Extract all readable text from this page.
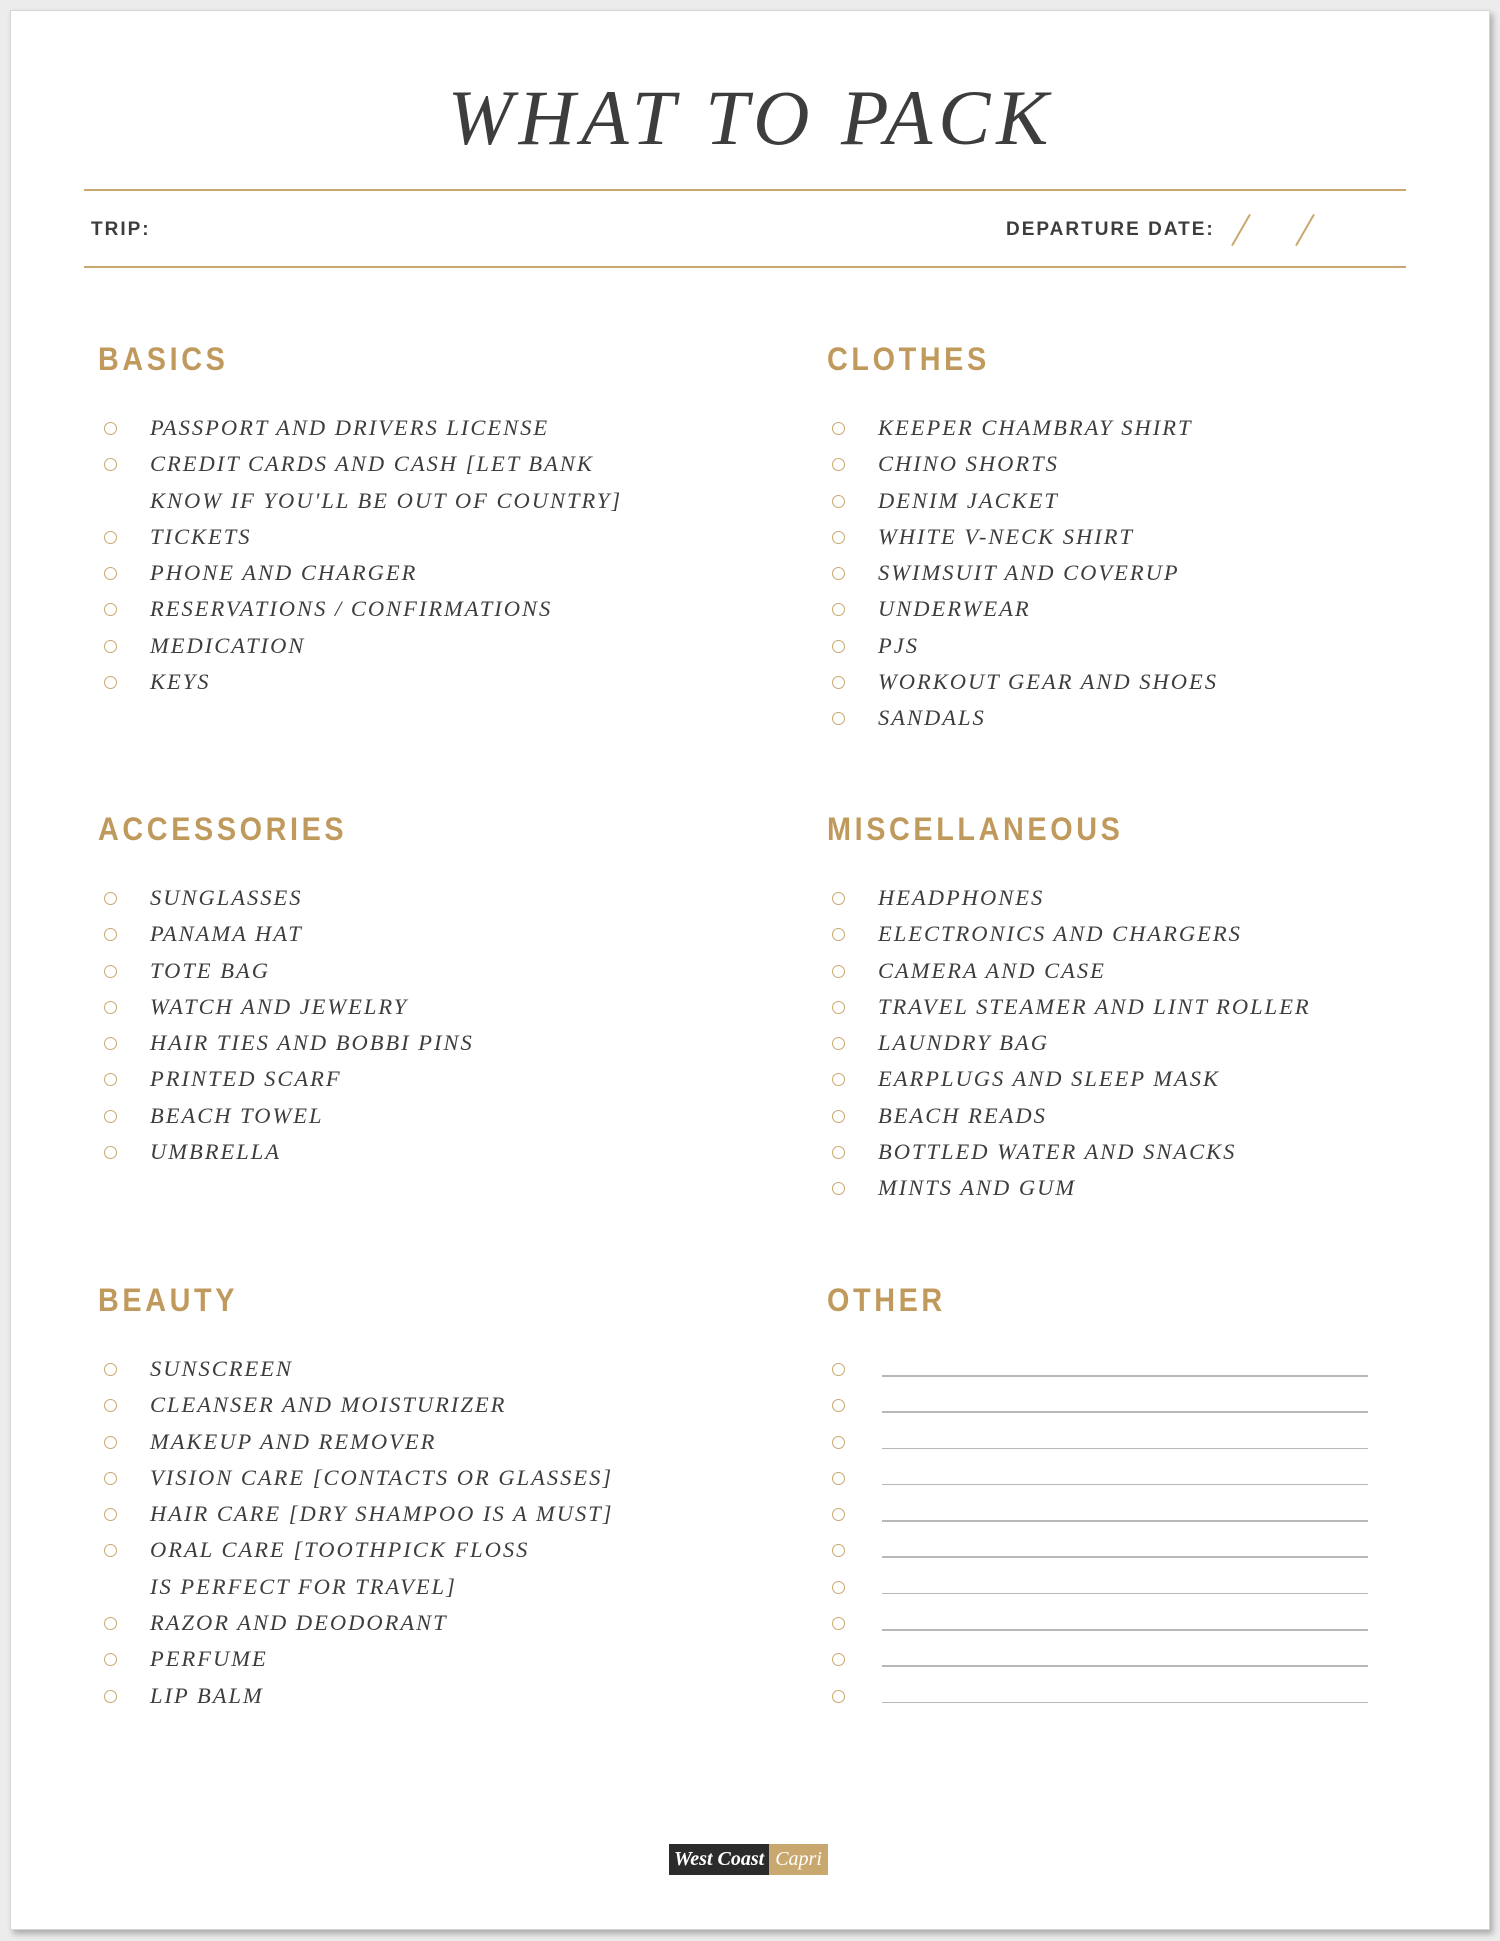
WHAT TO PACK
TRIP:	DEPARTURE DATE:
BASICS
PASSPORT AND DRIVERS LICENSE
CREDIT CARDS AND CASH [LET BANK
KNOW IF YOU'LL BE OUT OF COUNTRY]
TICKETS
PHONE AND CHARGER
RESERVATIONS / CONFIRMATIONS
MEDICATION
KEYS
CLOTHES
KEEPER CHAMBRAY SHIRT
CHINO SHORTS
DENIM JACKET
WHITE V-NECK SHIRT
SWIMSUIT AND COVERUP
UNDERWEAR
PJS
WORKOUT GEAR AND SHOES
SANDALS
ACCESSORIES
SUNGLASSES
PANAMA HAT
TOTE BAG
WATCH AND JEWELRY
HAIR TIES AND BOBBI PINS
PRINTED SCARF
BEACH TOWEL
UMBRELLA
MISCELLANEOUS
HEADPHONES
ELECTRONICS AND CHARGERS
CAMERA AND CASE
TRAVEL STEAMER AND LINT ROLLER
LAUNDRY BAG
EARPLUGS AND SLEEP MASK
BEACH READS
BOTTLED WATER AND SNACKS
MINTS AND GUM
BEAUTY
SUNSCREEN
CLEANSER AND MOISTURIZER
MAKEUP AND REMOVER
VISION CARE [CONTACTS OR GLASSES]
HAIR CARE [DRY SHAMPOO IS A MUST]
ORAL CARE [TOOTHPICK FLOSS
IS PERFECT FOR TRAVEL]
RAZOR AND DEODORANT
PERFUME
LIP BALM
OTHER
West Coast Capri
